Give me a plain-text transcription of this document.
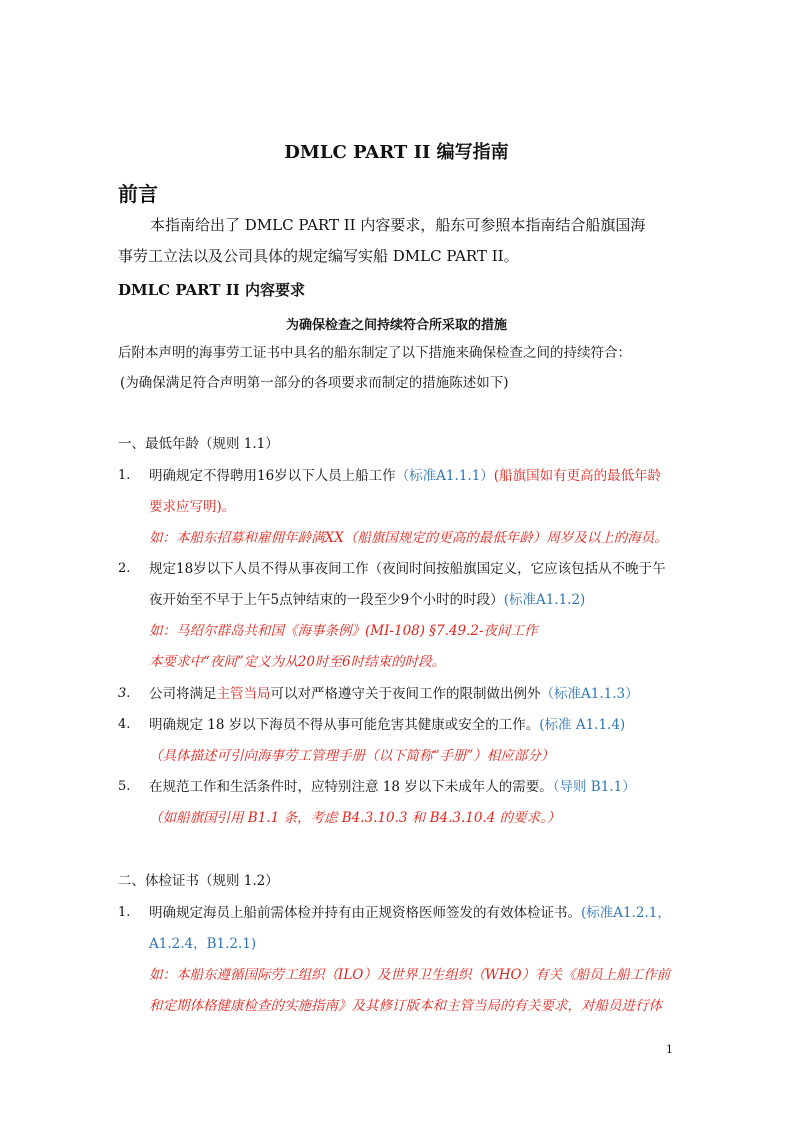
DMLC PART II 编写指南
前言
本指南给出了 DMLC PART II 内容要求，船东可参照本指南结合船旗国海
事劳工立法以及公司具体的规定编写实船 DMLC PART II。
DMLC PART II 内容要求
为确保检查之间持续符合所采取的措施
后附本声明的海事劳工证书中具名的船东制定了以下措施来确保检查之间的持续符合：
(为确保满足符合声明第一部分的各项要求而制定的措施陈述如下)
一、最低年龄（规则 1.1）
1. 明确规定不得聘用16岁以下人员上船工作（标准A1.1.1）(船旗国如有更高的最低年龄
要求应写明)。
如：本船东招募和雇佣年龄满XX（船旗国规定的更高的最低年龄）周岁及以上的海员。
2. 规定18岁以下人员不得从事夜间工作（夜间时间按船旗国定义，它应该包括从不晚于午
夜开始至不早于上午5点钟结束的一段至少9个小时的时段）(标准A1.1.2)
如：马绍尔群岛共和国《海事条例》(MI-108) §7.49.2-夜间工作
本要求中“夜间”定义为从20时至6时结束的时段。
3. 公司将满足主管当局可以对严格遵守关于夜间工作的限制做出例外（标准A1.1.3）
4. 明确规定 18 岁以下海员不得从事可能危害其健康或安全的工作。(标准 A1.1.4)
（具体描述可引向海事劳工管理手册（以下简称“手册”）相应部分）
5. 在规范工作和生活条件时，应特别注意 18 岁以下未成年人的需要。（导则 B1.1）
（如船旗国引用 B1.1 条，考虑 B4.3.10.3 和 B4.3.10.4 的要求。）
二、体检证书（规则 1.2）
1. 明确规定海员上船前需体检并持有由正规资格医师签发的有效体检证书。(标准A1.2.1，
A1.2.4，B1.2.1)
如：本船东遵循国际劳工组织（ILO）及世界卫生组织（WHO）有关《船员上船工作前
和定期体格健康检查的实施指南》及其修订版本和主管当局的有关要求，对船员进行体
1
